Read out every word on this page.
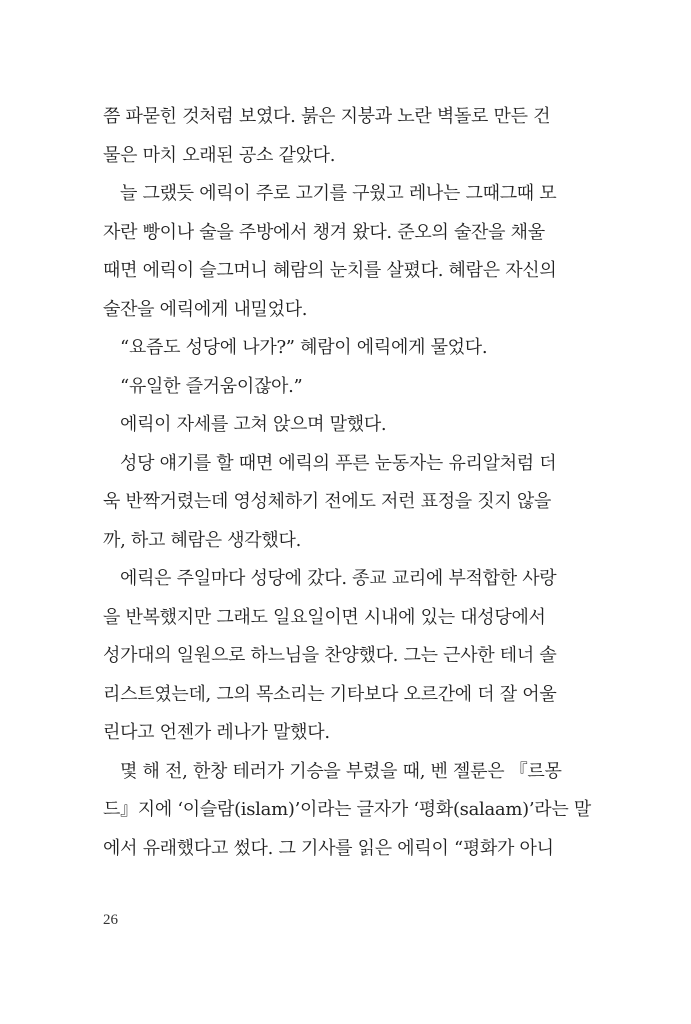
쯤 파묻힌 것처럼 보였다. 붉은 지붕과 노란 벽돌로 만든 건
물은 마치 오래된 공소 같았다.
늘 그랬듯 에릭이 주로 고기를 구웠고 레나는 그때그때 모
자란 빵이나 술을 주방에서 챙겨 왔다. 준오의 술잔을 채울
때면 에릭이 슬그머니 혜람의 눈치를 살폈다. 혜람은 자신의
술잔을 에릭에게 내밀었다.
“요즘도 성당에 나가?” 혜람이 에릭에게 물었다.
“유일한 즐거움이잖아.”
에릭이 자세를 고쳐 앉으며 말했다.
성당 얘기를 할 때면 에릭의 푸른 눈동자는 유리알처럼 더
욱 반짝거렸는데 영성체하기 전에도 저런 표정을 짓지 않을
까, 하고 혜람은 생각했다.
에릭은 주일마다 성당에 갔다. 종교 교리에 부적합한 사랑
을 반복했지만 그래도 일요일이면 시내에 있는 대성당에서
성가대의 일원으로 하느님을 찬양했다. 그는 근사한 테너 솔
리스트였는데, 그의 목소리는 기타보다 오르간에 더 잘 어울
린다고 언젠가 레나가 말했다.
몇 해 전, 한창 테러가 기승을 부렸을 때, 벤 젤룬은 『르몽
드』지에 ‘이슬람(islam)’이라는 글자가 ‘평화(salaam)’라는 말
에서 유래했다고 썼다. 그 기사를 읽은 에릭이 “평화가 아니
26
